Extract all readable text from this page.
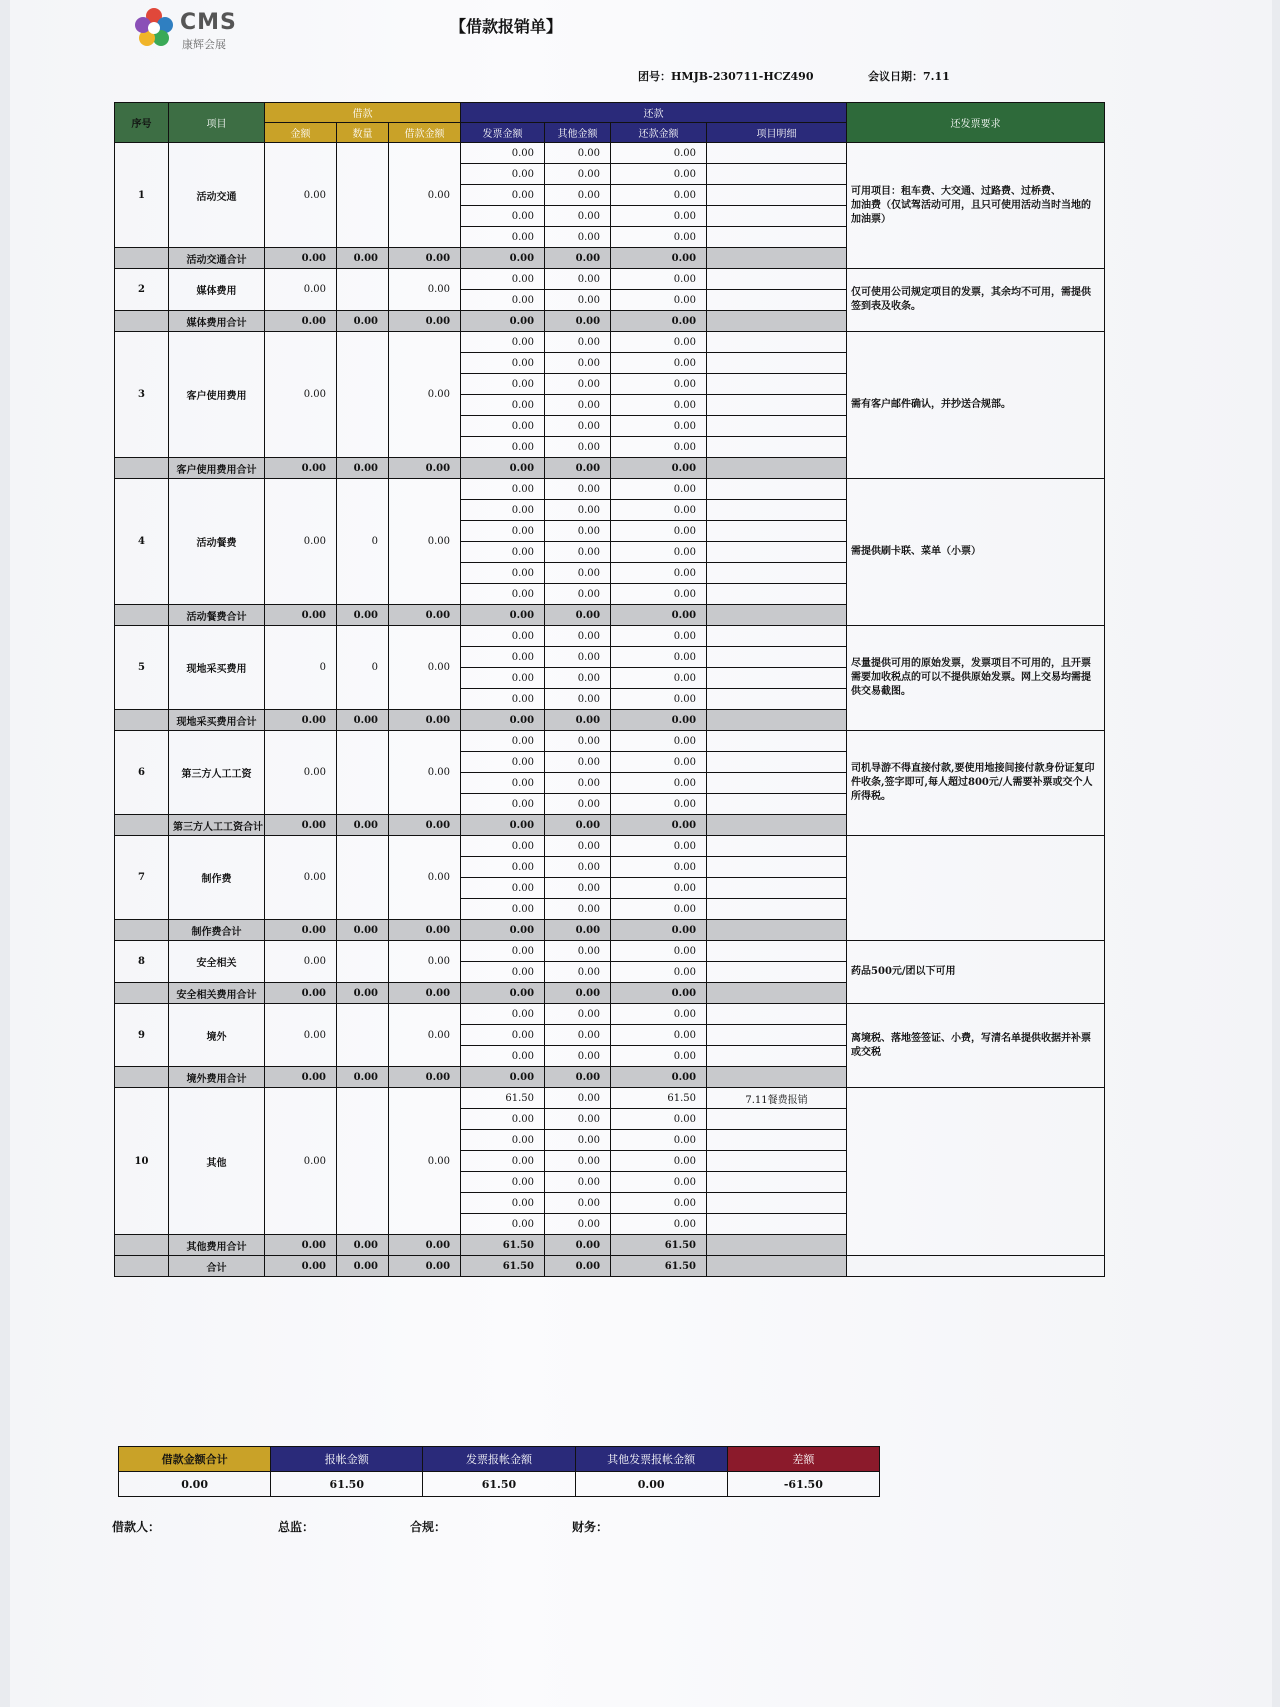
CMS
康辉会展
【借款报销单】
团号：HMJB-230711-HCZ490	会议日期：7.11
序号	项目	借款			还款				还发票要求
		金额	数量	借款金额	发票金额	其他金额	还款金额	项目明细	
1	活动交通	0.00		0.00	0.00	0.00	0.00		可用项目：租车费、大交通、过路费、过桥费、
加油费（仅试驾活动可用，且只可使用活动当时当地的加油票）
					0.00	0.00	0.00		
					0.00	0.00	0.00		
					0.00	0.00	0.00		
					0.00	0.00	0.00		
	活动交通合计	0.00	0.00	0.00	0.00	0.00	0.00		
2	媒体费用	0.00		0.00	0.00	0.00	0.00		仅可使用公司规定项目的发票，其余均不可用，需提供签到表及收条。
					0.00	0.00	0.00		
	媒体费用合计	0.00	0.00	0.00	0.00	0.00	0.00		
3	客户使用费用	0.00		0.00	0.00	0.00	0.00		需有客户邮件确认，并抄送合规部。
					0.00	0.00	0.00		
					0.00	0.00	0.00		
					0.00	0.00	0.00		
					0.00	0.00	0.00		
					0.00	0.00	0.00		
	客户使用费用合计	0.00	0.00	0.00	0.00	0.00	0.00		
4	活动餐费	0.00	0	0.00	0.00	0.00	0.00		需提供刷卡联、菜单（小票）
					0.00	0.00	0.00		
					0.00	0.00	0.00		
					0.00	0.00	0.00		
					0.00	0.00	0.00		
					0.00	0.00	0.00		
	活动餐费合计	0.00	0.00	0.00	0.00	0.00	0.00		
5	现地采买费用	0	0	0.00	0.00	0.00	0.00		尽量提供可用的原始发票，发票项目不可用的，且开票需要加收税点的可以不提供原始发票。网上交易均需提供交易截图。
					0.00	0.00	0.00		
					0.00	0.00	0.00		
					0.00	0.00	0.00		
	现地采买费用合计	0.00	0.00	0.00	0.00	0.00	0.00		
6	第三方人工工资	0.00		0.00	0.00	0.00	0.00		司机导游不得直接付款,要使用地接间接付款身份证复印件收条,签字即可,每人超过800元/人需要补票或交个人所得税。
					0.00	0.00	0.00		
					0.00	0.00	0.00		
					0.00	0.00	0.00		
	第三方人工工资合计	0.00	0.00	0.00	0.00	0.00	0.00		
7	制作费	0.00		0.00	0.00	0.00	0.00		
					0.00	0.00	0.00		
					0.00	0.00	0.00		
					0.00	0.00	0.00		
	制作费合计	0.00	0.00	0.00	0.00	0.00	0.00		
8	安全相关	0.00		0.00	0.00	0.00	0.00		药品500元/团以下可用
					0.00	0.00	0.00		
	安全相关费用合计	0.00	0.00	0.00	0.00	0.00	0.00		
9	境外	0.00		0.00	0.00	0.00	0.00		离境税、落地签签证、小费，写清名单提供收据并补票或交税
					0.00	0.00	0.00		
					0.00	0.00	0.00		
	境外费用合计	0.00	0.00	0.00	0.00	0.00	0.00		
10	其他	0.00		0.00	61.50	0.00	61.50	7.11餐费报销	
					0.00	0.00	0.00		
					0.00	0.00	0.00		
					0.00	0.00	0.00		
					0.00	0.00	0.00		
					0.00	0.00	0.00		
					0.00	0.00	0.00		
	其他费用合计	0.00	0.00	0.00	61.50	0.00	61.50		
	合计	0.00	0.00	0.00	61.50	0.00	61.50		
借款金额合计	报帐金额	发票报帐金额	其他发票报帐金额	差额
0.00	61.50	61.50	0.00	-61.50
借款人：	总监：	合规：	财务：
